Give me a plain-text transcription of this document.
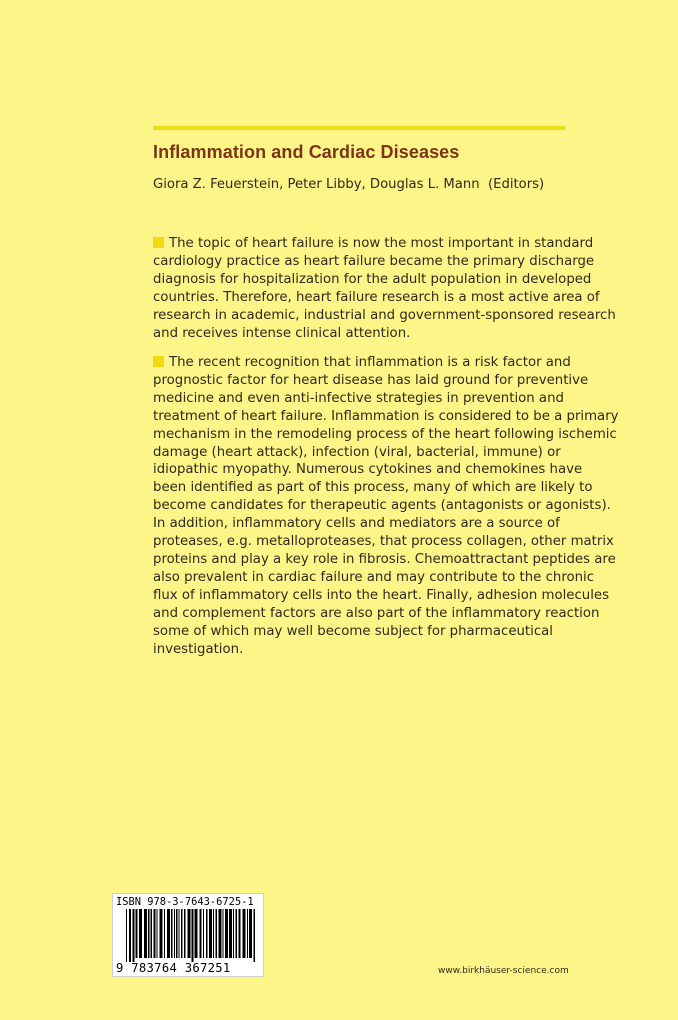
Inflammation and Cardiac Diseases
Giora Z. Feuerstein, Peter Libby, Douglas L. Mann  (Editors)
The topic of heart failure is now the most important in standard
cardiology practice as heart failure became the primary discharge
diagnosis for hospitalization for the adult population in developed
countries. Therefore, heart failure research is a most active area of
research in academic, industrial and government-sponsored research
and receives intense clinical attention.
The recent recognition that inflammation is a risk factor and
prognostic factor for heart disease has laid ground for preventive
medicine and even anti-infective strategies in prevention and
treatment of heart failure. Inflammation is considered to be a primary
mechanism in the remodeling process of the heart following ischemic
damage (heart attack), infection (viral, bacterial, immune) or
idiopathic myopathy. Numerous cytokines and chemokines have
been identified as part of this process, many of which are likely to
become candidates for therapeutic agents (antagonists or agonists).
In addition, inflammatory cells and mediators are a source of
proteases, e.g. metalloproteases, that process collagen, other matrix
proteins and play a key role in fibrosis. Chemoattractant peptides are
also prevalent in cardiac failure and may contribute to the chronic
flux of inflammatory cells into the heart. Finally, adhesion molecules
and complement factors are also part of the inflammatory reaction
some of which may well become subject for pharmaceutical
investigation.
ISBN 978-3-7643-6725-1
9 783764 367251	www.birkhäuser-science.com
